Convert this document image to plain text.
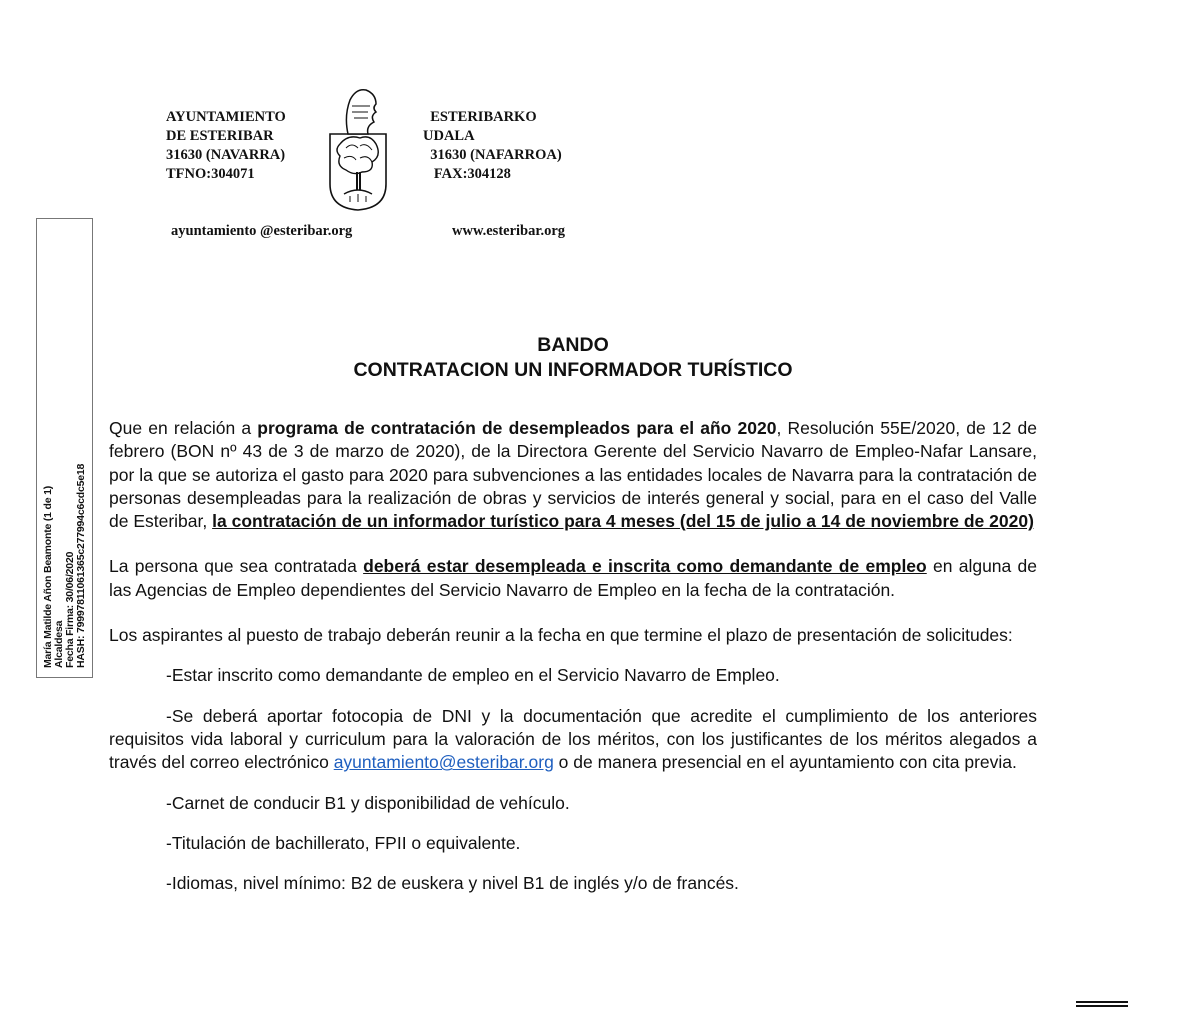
AYUNTAMIENTO
DE ESTERIBAR
31630 (NAVARRA)
TFNO:304071
ESTERIBARKO
UDALA
31630 (NAFARROA)
FAX:304128
ayuntamiento @esteribar.org	www.esteribar.org
María Matilde Añon Beamonte (1 de 1) Alcaldesa Fecha Firma: 30/06/2020 HASH: 79997811061365c277994c6cdc5e18
BANDO
CONTRATACION UN INFORMADOR TURÍSTICO

Que en relación a programa de contratación de desempleados para el año 2020, Resolución 55E/2020, de 12 de febrero (BON nº 43 de 3 de marzo de 2020), de la Directora Gerente del Servicio Navarro de Empleo-Nafar Lansare, por la que se autoriza el gasto para 2020 para subvenciones a las entidades locales de Navarra para la contratación de personas desempleadas para la realización de obras y servicios de interés general y social, para en el caso del Valle de Esteribar, la contratación de un informador turístico para 4 meses (del 15 de julio a 14 de noviembre de 2020)

La persona que sea contratada deberá estar desempleada e inscrita como demandante de empleo en alguna de las Agencias de Empleo dependientes del Servicio Navarro de Empleo en la fecha de la contratación.

Los aspirantes al puesto de trabajo deberán reunir a la fecha en que termine el plazo de presentación de solicitudes:

-Estar inscrito como demandante de empleo en el Servicio Navarro de Empleo.

-Se deberá aportar fotocopia de DNI y la documentación que acredite el cumplimiento de los anteriores requisitos vida laboral y curriculum para la valoración de los méritos, con los justificantes de los méritos alegados a través del correo electrónico ayuntamiento@esteribar.org o de manera presencial en el ayuntamiento con cita previa.

-Carnet de conducir B1 y disponibilidad de vehículo.

-Titulación de bachillerato, FPII o equivalente.

-Idiomas, nivel mínimo: B2 de euskera y nivel B1 de inglés y/o de francés.
